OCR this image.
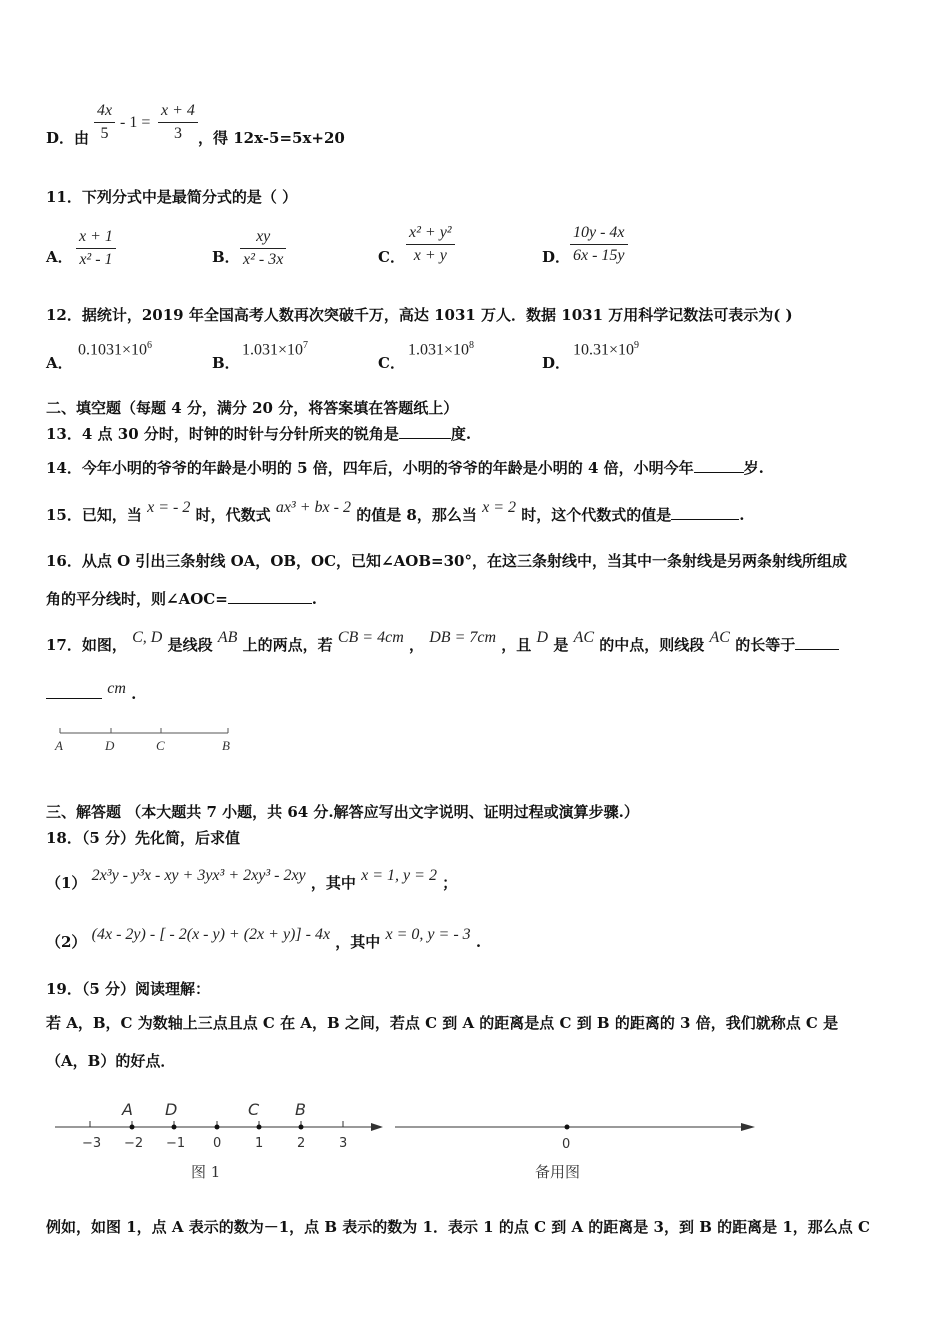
D．由 $\frac{4x}{5} - 1 = \frac{x + 4}{3}$ ，得 12x-5=5x+20
11．下列分式中是最简分式的是（ ）
A． $\frac{x + 1}{\text{x² - 1}}$	B． $\frac{xy}{\text{x² - 3x}}$	C． $\frac{\text{x² + y²}}{x + y}$	D． $\frac{10y - 4x}{6x - 15y}$
12．据统计，2019 年全国高考人数再次突破千万，高达 1031 万人．数据 1031 万用科学记数法可表示为( )
A．
$0.1031\times 10^6$
B．
$1.031\times 10^7$
C．
$1.031\times 10^8$
D．
$10.31\times 10^9$
二、填空题（每题 4 分，满分 20 分，将答案填在答题纸上）
13．4 点 30 分时，时钟的时针与分针所夹的锐角是	度.
14．今年小明的爷爷的年龄是小明的 5 倍，四年后，小明的爷爷的年龄是小明的 4 倍，小明今年	岁.
15．已知，当 x = - 2 时，代数式 ax³ + bx - 2 的值是 8，那么当 x = 2 时，这个代数式的值是	.
16．从点 O 引出三条射线 OA，OB，OC，已知∠AOB=30°，在这三条射线中，当其中一条射线是另两条射线所组成
角的平分线时，则∠AOC=	.
17．如图， C, D 是线段 AB 上的两点，若 CB = 4cm ， DB = 7cm ，且 D 是 AC 的中点，则线段 AC 的长等于
cm .
A	D	C	B
三、解答题 （本大题共 7 小题，共 64 分.解答应写出文字说明、证明过程或演算步骤.）
18．（5 分）先化简，后求值
（1） 2x³y - y³x - xy + 3yx³ + 2xy³ - 2xy ，其中 x = 1, y = 2 ；
（2） (4x - 2y) - [ - 2(x - y) + (2x + y)] - 4x ，其中 x = 0, y = - 3 .
19．（5 分）阅读理解：
若 A，B，C 为数轴上三点且点 C 在 A，B 之间，若点 C 到 A 的距离是点 C 到 B 的距离的 3 倍，我们就称点 C 是
（A，B）的好点．
−3 −2 −1 0	1	2	3
A D	C B
图 1
0
备用图
例如，如图 1，点 A 表示的数为－1，点 B 表示的数为 1．表示 1 的点 C 到 A 的距离是 3，到 B 的距离是 1，那么点 C
